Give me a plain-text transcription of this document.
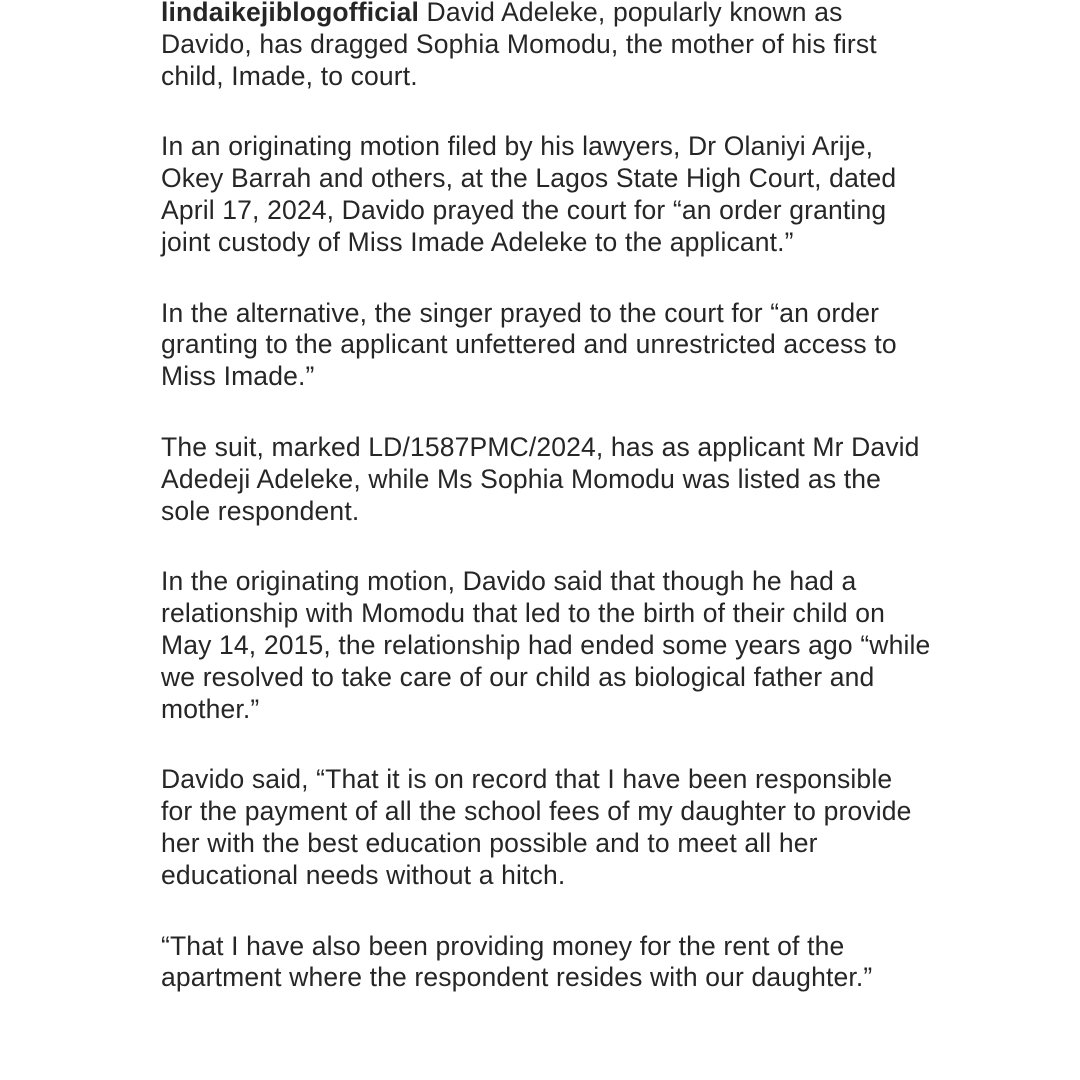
lindaikejiblogofficial David Adeleke, popularly known as Davido, has dragged Sophia Momodu, the mother of his first child, Imade, to court.

In an originating motion filed by his lawyers, Dr Olaniyi Arije, Okey Barrah and others, at the Lagos State High Court, dated April 17, 2024, Davido prayed the court for “an order granting joint custody of Miss Imade Adeleke to the applicant.”

In the alternative, the singer prayed to the court for “an order granting to the applicant unfettered and unrestricted access to Miss Imade.”

The suit, marked LD/1587PMC/2024, has as applicant Mr David Adedeji Adeleke, while Ms Sophia Momodu was listed as the sole respondent.

In the originating motion, Davido said that though he had a relationship with Momodu that led to the birth of their child on May 14, 2015, the relationship had ended some years ago “while we resolved to take care of our child as biological father and mother.”

Davido said, “That it is on record that I have been responsible for the payment of all the school fees of my daughter to provide her with the best education possible and to meet all her educational needs without a hitch.

“That I have also been providing money for the rent of the apartment where the respondent resides with our daughter.”
